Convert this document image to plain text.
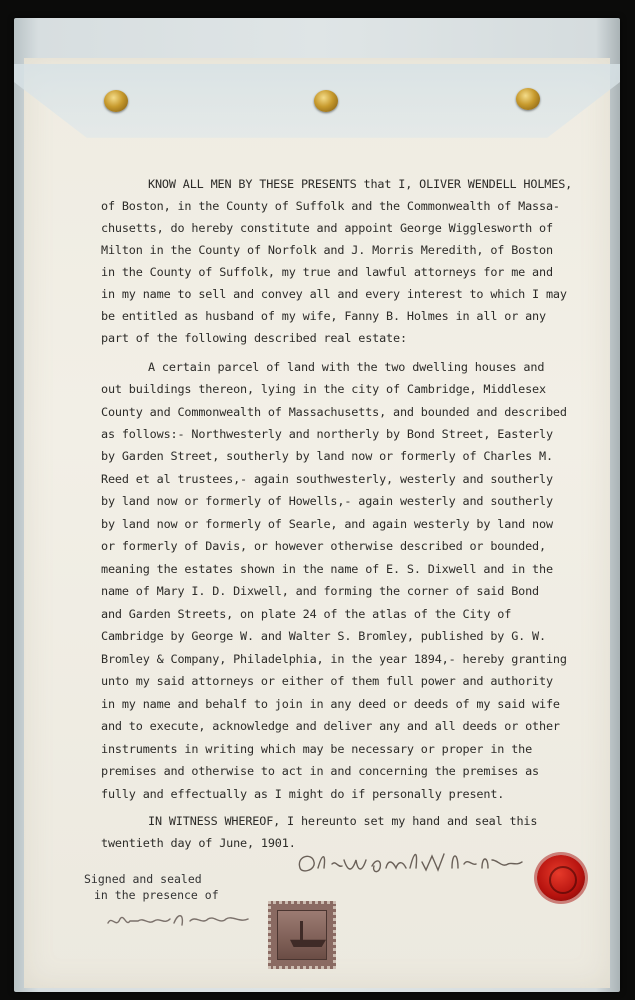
KNOW ALL MEN BY THESE PRESENTS that I, OLIVER WENDELL HOLMES,
of Boston, in the County of Suffolk and the Commonwealth of Massa-
chusetts, do hereby constitute and appoint George Wigglesworth of
Milton in the County of Norfolk and J. Morris Meredith, of Boston
in the County of Suffolk, my true and lawful attorneys for me and
in my name to sell and convey all and every interest to which I may
be entitled as husband of my wife, Fanny B. Holmes in all or any
part of the following described real estate:
A certain parcel of land with the two dwelling houses and
out buildings thereon, lying in the city of Cambridge, Middlesex
County and Commonwealth of Massachusetts, and bounded and described
as follows:- Northwesterly and northerly by Bond Street, Easterly
by Garden Street, southerly by land now or formerly of Charles M.
Reed et al trustees,- again southwesterly, westerly and southerly
by land now or formerly of Howells,- again westerly and southerly
by land now or formerly of Searle, and again westerly by land now
or formerly of Davis, or however otherwise described or bounded,
meaning the estates shown in the name of E. S. Dixwell and in the
name of Mary I. D. Dixwell, and forming the corner of said Bond
and Garden Streets, on plate 24 of the atlas of the City of
Cambridge by George W. and Walter S. Bromley, published by G. W.
Bromley & Company, Philadelphia, in the year 1894,- hereby granting
unto my said attorneys or either of them full power and authority
in my name and behalf to join in any deed or deeds of my said wife
and to execute, acknowledge and deliver any and all deeds or other
instruments in writing which may be necessary or proper in the
premises and otherwise to act in and concerning the premises as
fully and effectually as I might do if personally present.
IN WITNESS WHEREOF, I hereunto set my hand and seal this
twentieth day of June, 1901.
Signed and sealed
in the presence of
